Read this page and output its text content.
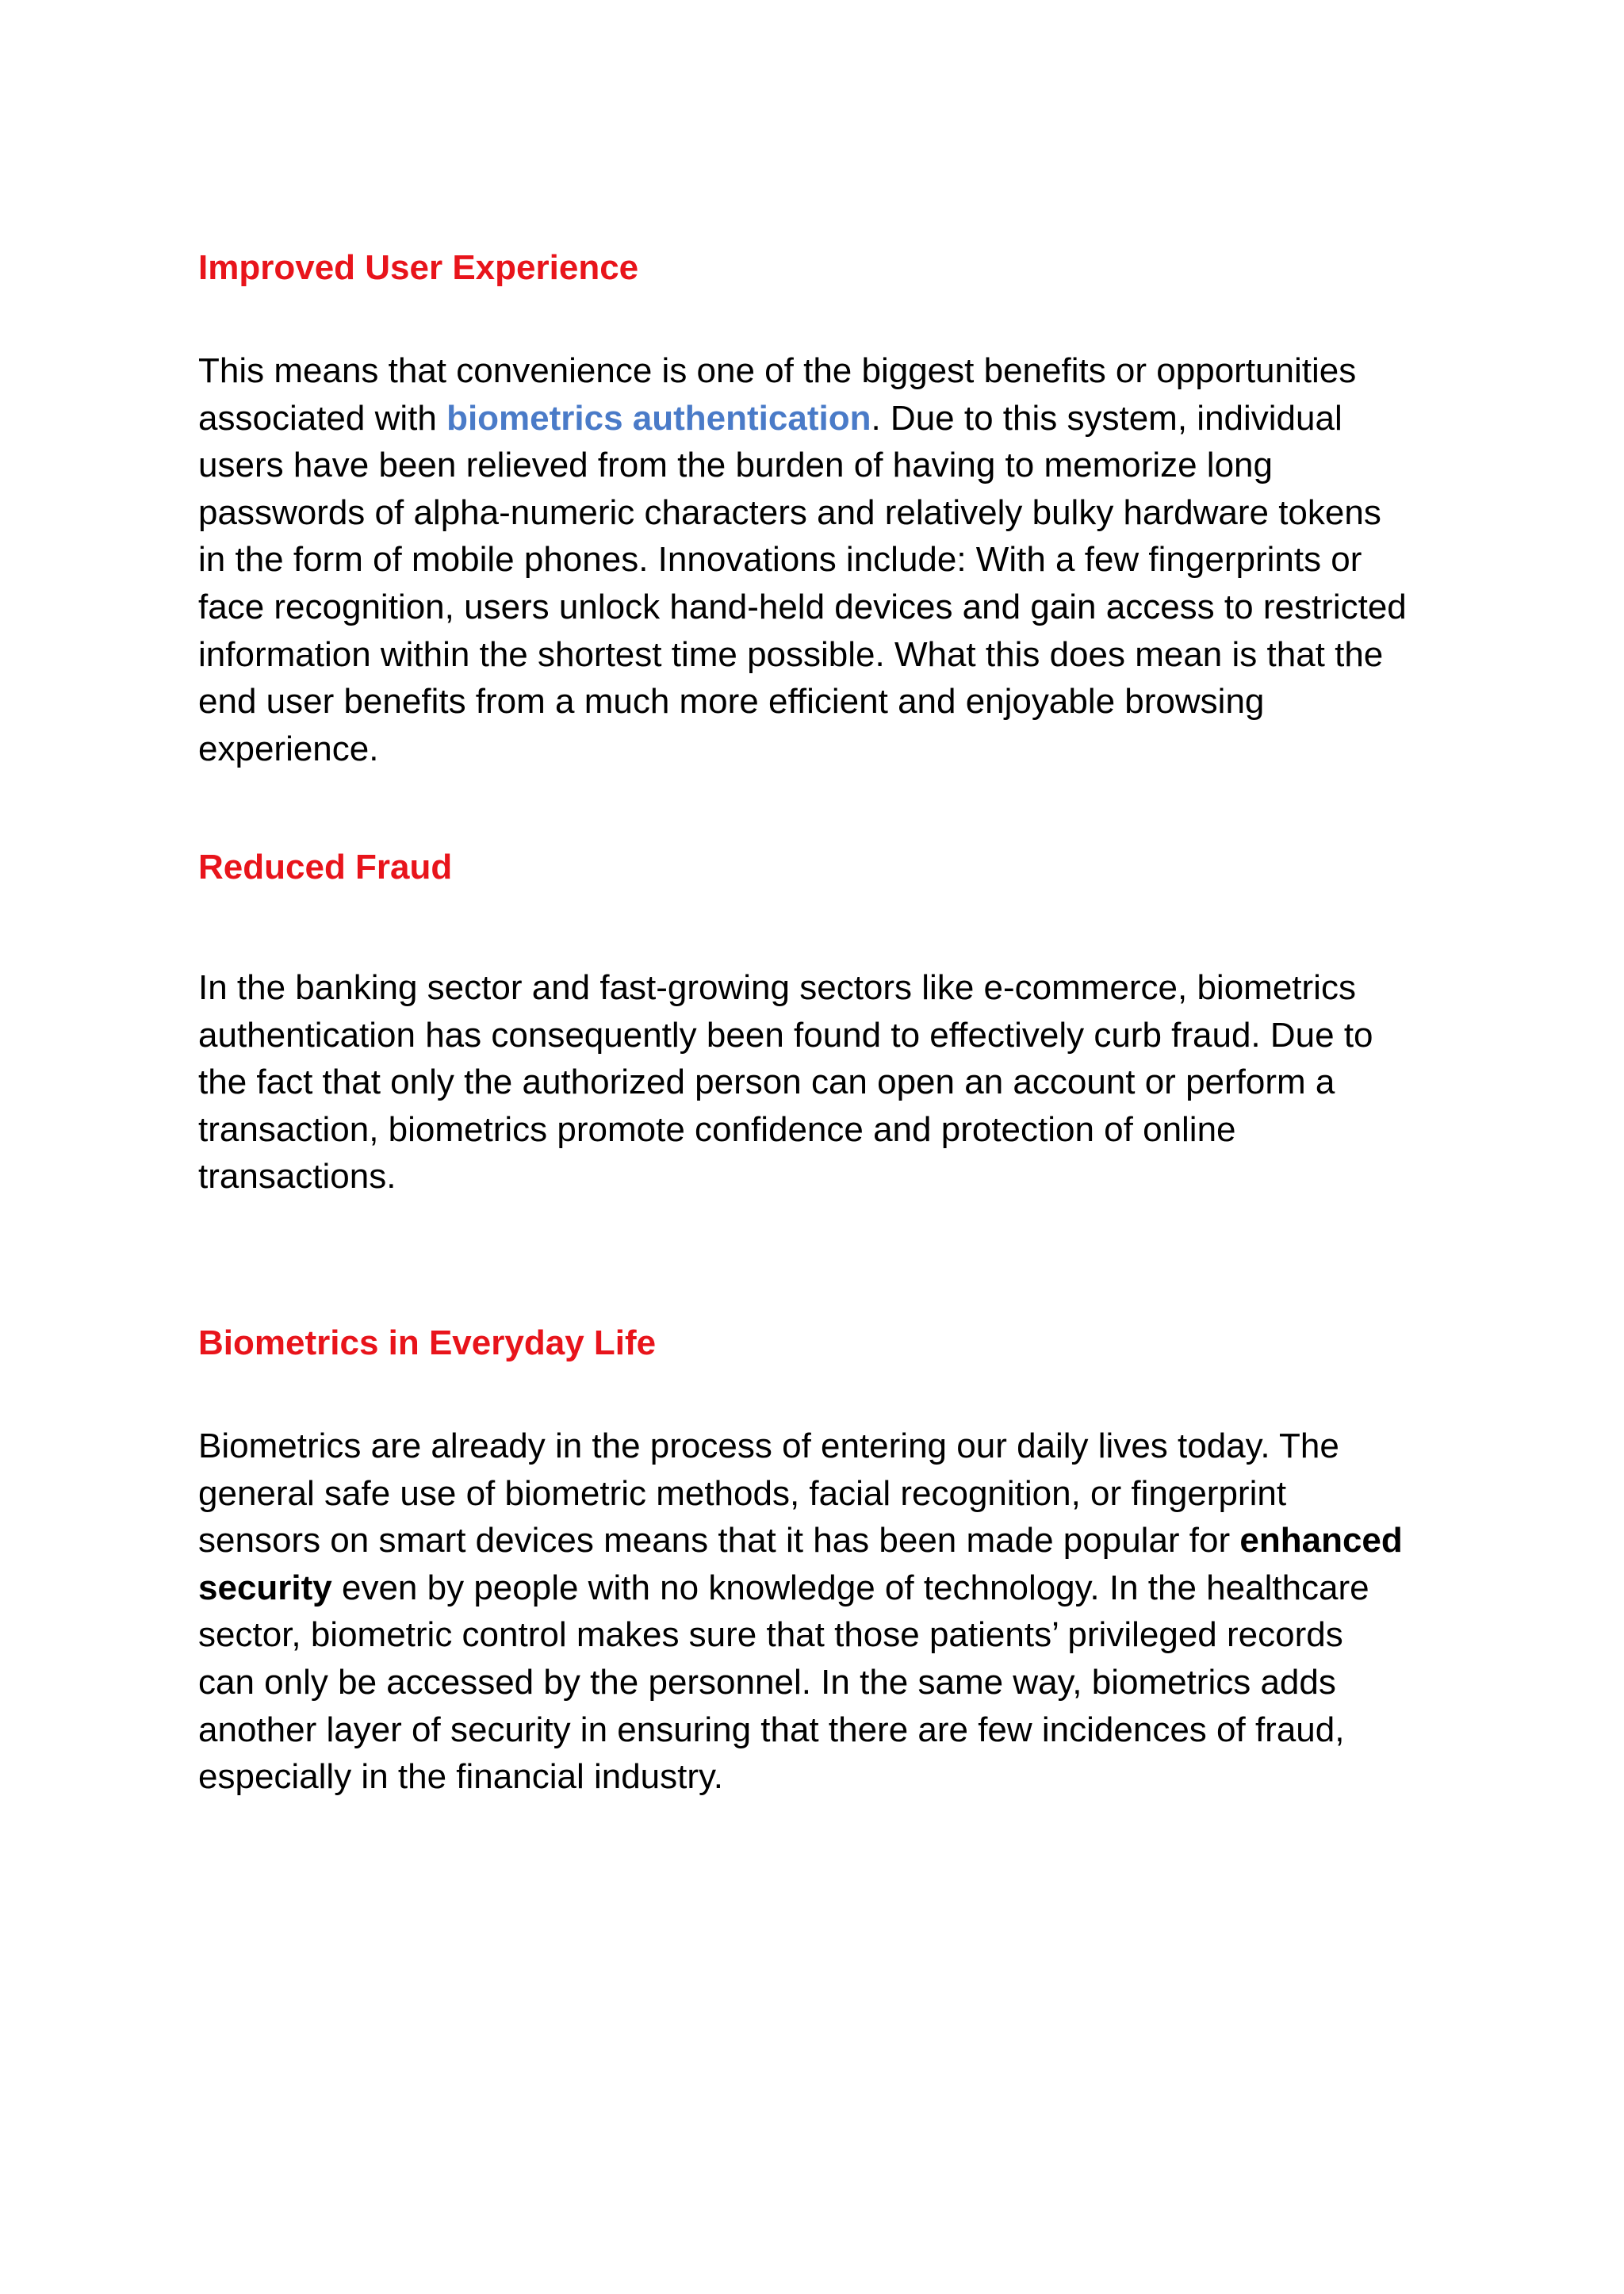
Improved User Experience

This means that convenience is one of the biggest benefits or opportunities
associated with biometrics authentication. Due to this system, individual
users have been relieved from the burden of having to memorize long
passwords of alpha-numeric characters and relatively bulky hardware tokens
in the form of mobile phones. Innovations include: With a few fingerprints or
face recognition, users unlock hand-held devices and gain access to restricted
information within the shortest time possible. What this does mean is that the
end user benefits from a much more efficient and enjoyable browsing
experience.

Reduced Fraud

In the banking sector and fast-growing sectors like e-commerce, biometrics
authentication has consequently been found to effectively curb fraud. Due to
the fact that only the authorized person can open an account or perform a
transaction, biometrics promote confidence and protection of online
transactions.

Biometrics in Everyday Life

Biometrics are already in the process of entering our daily lives today. The
general safe use of biometric methods, facial recognition, or fingerprint
sensors on smart devices means that it has been made popular for enhanced
security even by people with no knowledge of technology. In the healthcare
sector, biometric control makes sure that those patients’ privileged records
can only be accessed by the personnel. In the same way, biometrics adds
another layer of security in ensuring that there are few incidences of fraud,
especially in the financial industry.
